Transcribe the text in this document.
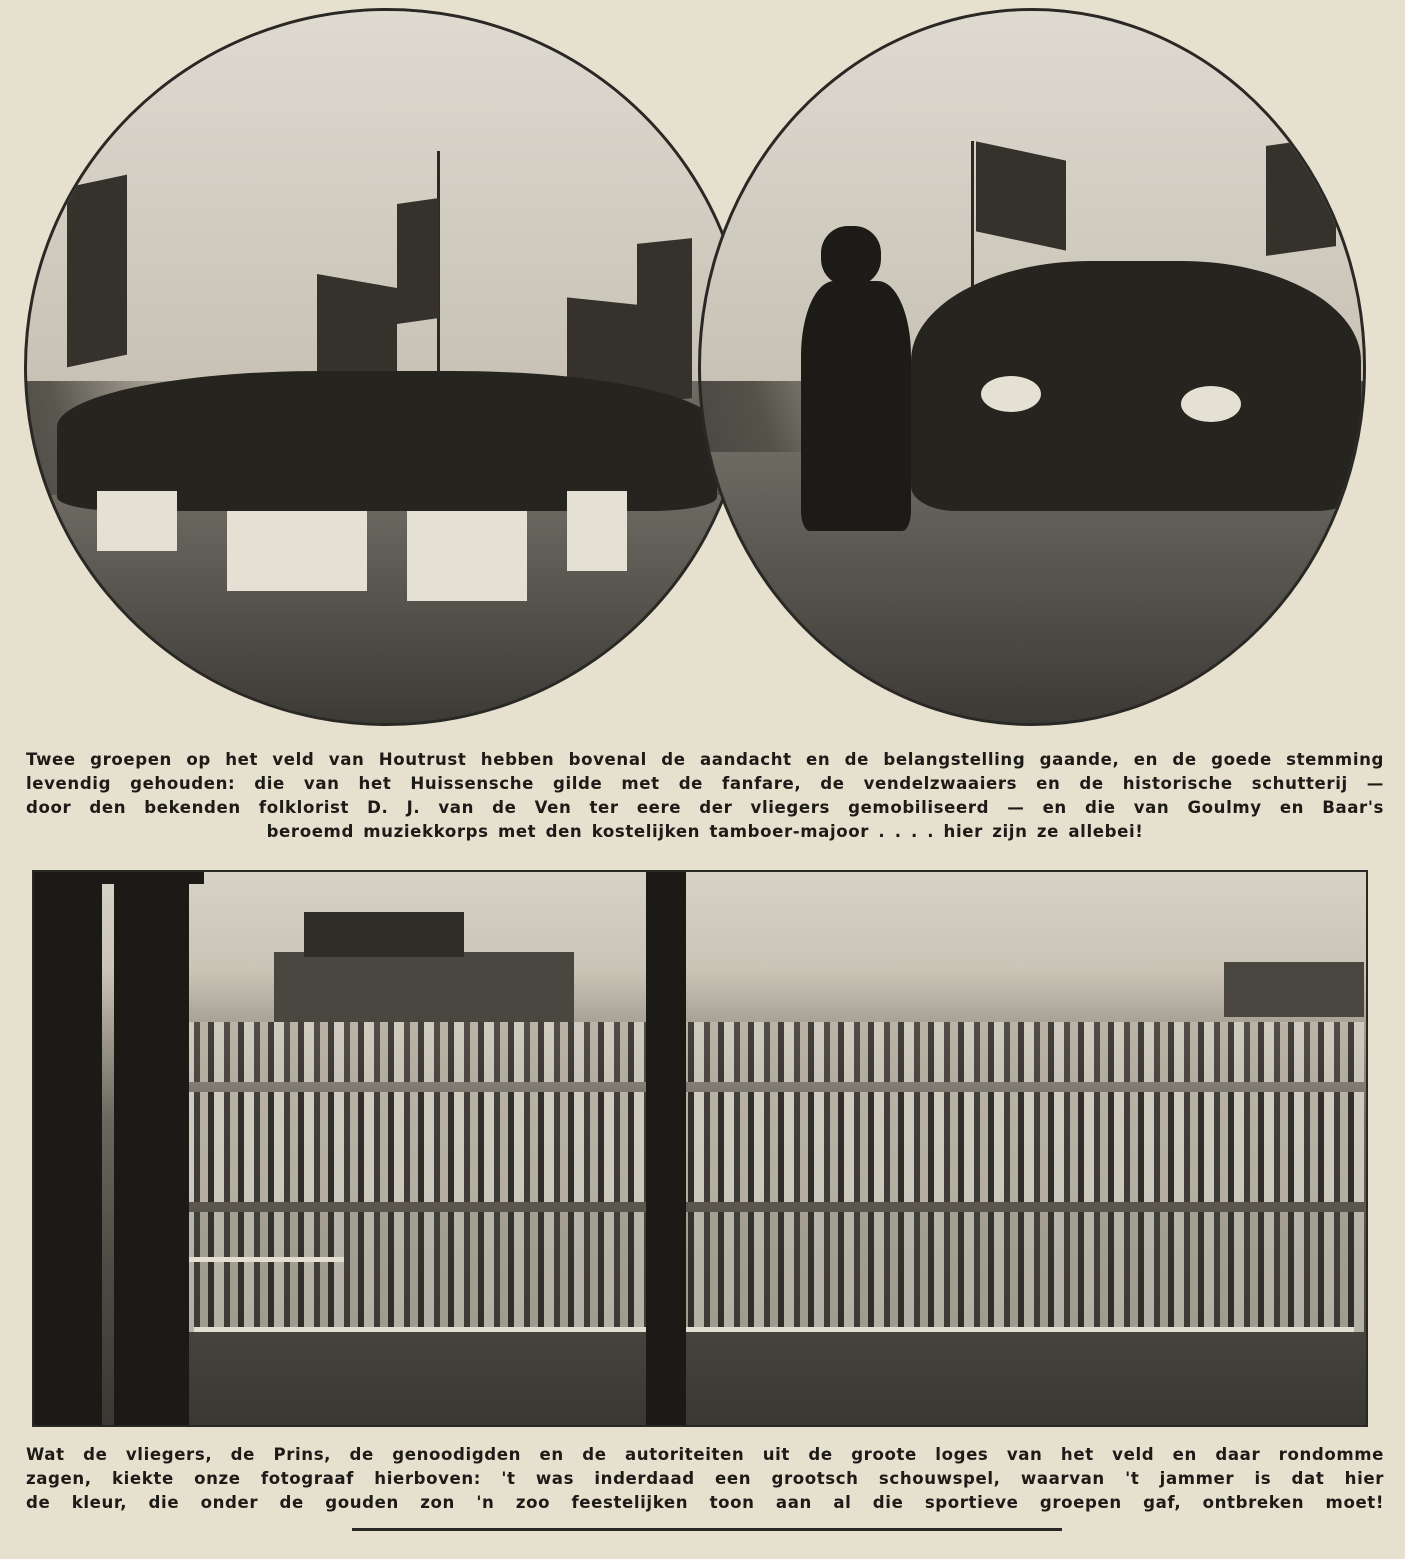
Twee groepen op het veld van Houtrust hebben bovenal de aandacht en de belangstelling gaande, en de goede stemming
levendig gehouden: die van het Huissensche gilde met de fanfare, de vendelzwaaiers en de historische schutterij —
door den bekenden folklorist D. J. van de Ven ter eere der vliegers gemobiliseerd — en die van Goulmy en Baar's
beroemd muziekkorps met den kostelijken tamboer-majoor . . . . hier zijn ze allebei!

Wat de vliegers, de Prins, de genoodigden en de autoriteiten uit de groote loges van het veld en daar rondomme
zagen, kiekte onze fotograaf hierboven: 't was inderdaad een grootsch schouwspel, waarvan 't jammer is dat hier
de kleur, die onder de gouden zon 'n zoo feestelijken toon aan al die sportieve groepen gaf, ontbreken moet!
